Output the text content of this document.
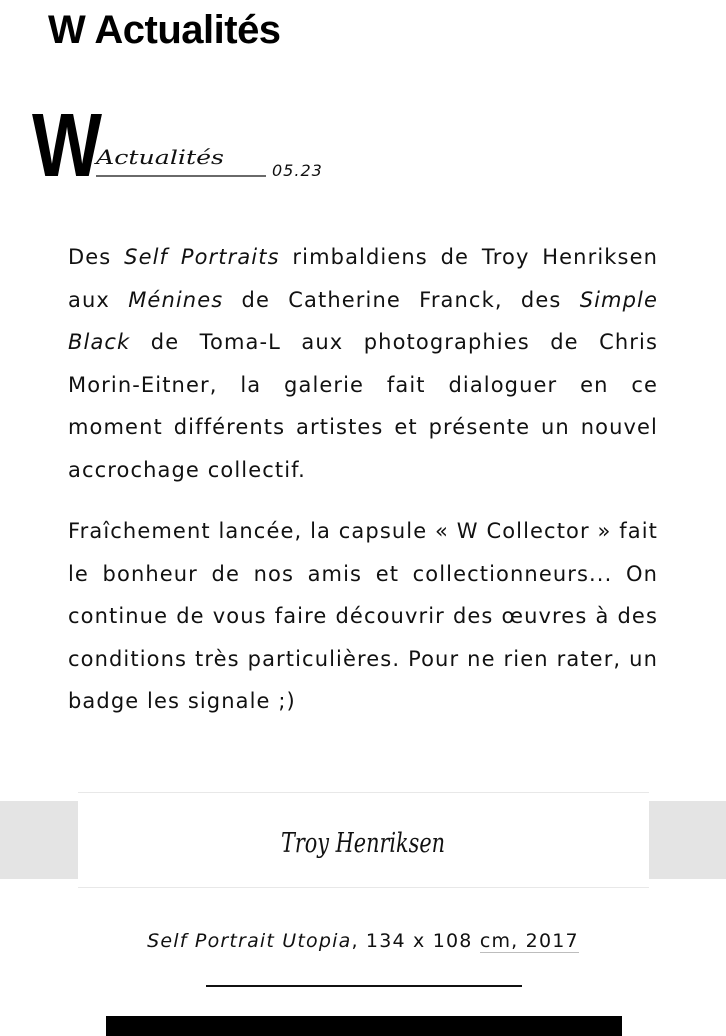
W Actualités
W
Actualités
05.23

Des Self Portraits rimbaldiens de Troy Henriksen aux Ménines de Catherine Franck, des Simple Black de Toma-L aux photographies de Chris Morin-Eitner, la galerie fait dialoguer en ce moment différents artistes et présente un nouvel accrochage collectif.

Fraîchement lancée, la capsule « W Collector » fait le bonheur de nos amis et collectionneurs... On continue de vous faire découvrir des œuvres à des conditions très particulières. Pour ne rien rater, un badge les signale ;)

Troy Henriksen
Self Portrait Utopia, 134 x 108 cm, 2017
